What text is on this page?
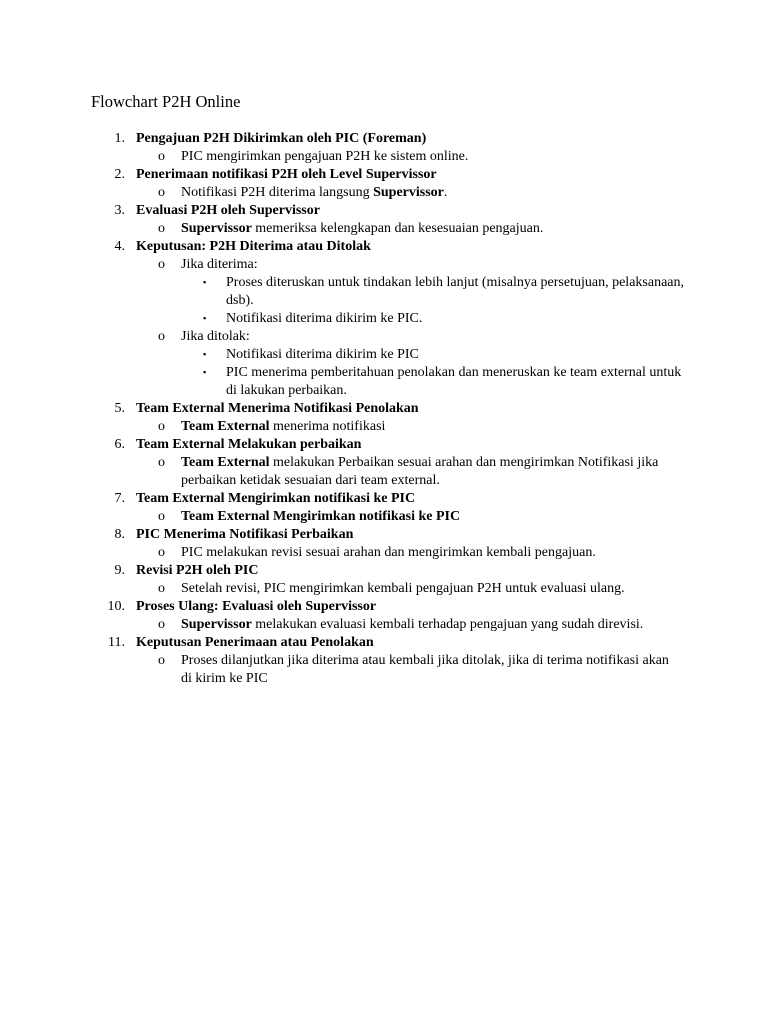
Flowchart P2H Online
1. Pengajuan P2H Dikirimkan oleh PIC (Foreman)
o PIC mengirimkan pengajuan P2H ke sistem online.
2. Penerimaan notifikasi P2H oleh Level Supervissor
o Notifikasi P2H diterima langsung Supervissor.
3. Evaluasi P2H oleh Supervissor
o Supervissor memeriksa kelengkapan dan kesesuaian pengajuan.
4. Keputusan: P2H Diterima atau Ditolak
o Jika diterima:
▪ Proses diteruskan untuk tindakan lebih lanjut (misalnya persetujuan, pelaksanaan, dsb).
▪ Notifikasi diterima dikirim ke PIC.
o Jika ditolak:
▪ Notifikasi diterima dikirim ke PIC
▪ PIC menerima pemberitahuan penolakan dan meneruskan ke team external untuk di lakukan perbaikan.
5. Team External Menerima Notifikasi Penolakan
o Team External menerima notifikasi
6. Team External Melakukan perbaikan
o Team External melakukan Perbaikan sesuai arahan dan mengirimkan Notifikasi jika perbaikan ketidak sesuaian dari team external.
7. Team External Mengirimkan notifikasi ke PIC
o Team External Mengirimkan notifikasi ke PIC
8. PIC Menerima Notifikasi Perbaikan
o PIC melakukan revisi sesuai arahan dan mengirimkan kembali pengajuan.
9. Revisi P2H oleh PIC
o Setelah revisi, PIC mengirimkan kembali pengajuan P2H untuk evaluasi ulang.
10. Proses Ulang: Evaluasi oleh Supervissor
o Supervissor melakukan evaluasi kembali terhadap pengajuan yang sudah direvisi.
11. Keputusan Penerimaan atau Penolakan
o Proses dilanjutkan jika diterima atau kembali jika ditolak, jika di terima notifikasi akan di kirim ke PIC
